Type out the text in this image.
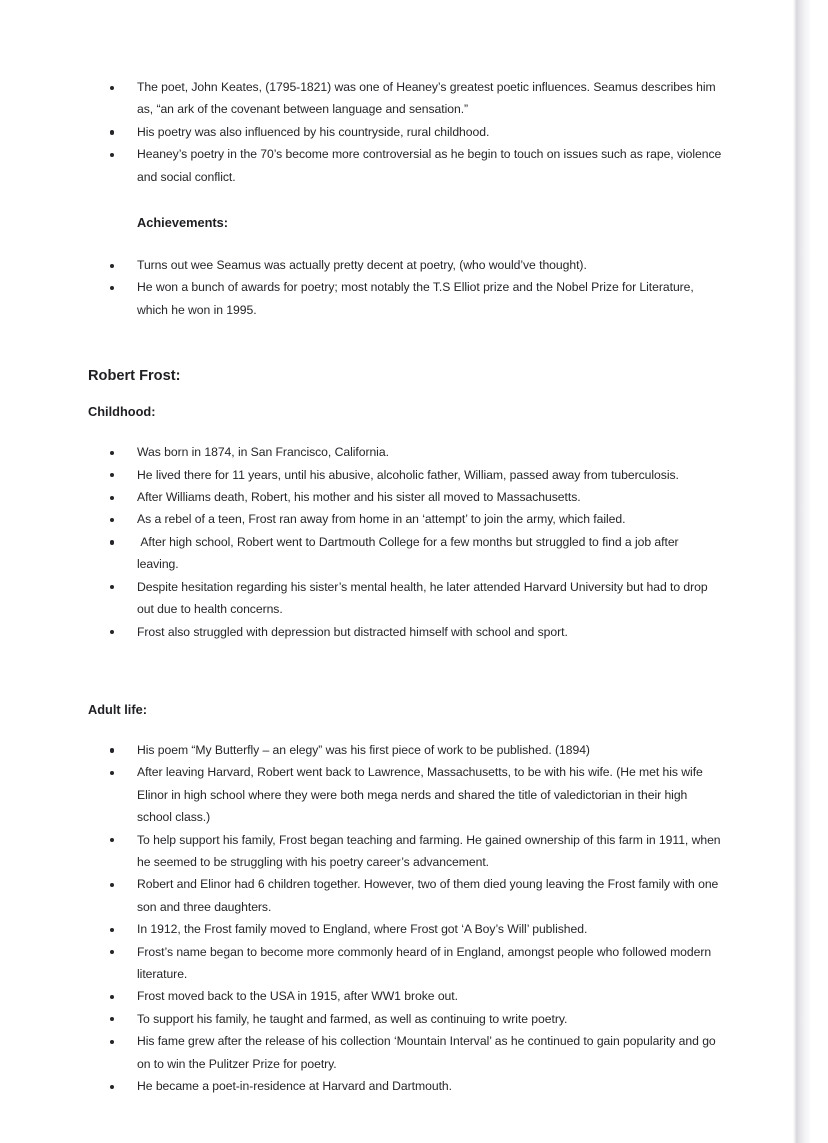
The poet, John Keates, (1795-1821) was one of Heaney’s greatest poetic influences. Seamus describes him as, “an ark of the covenant between language and sensation.”
His poetry was also influenced by his countryside, rural childhood.
Heaney’s poetry in the 70’s become more controversial as he begin to touch on issues such as rape, violence and social conflict.
Achievements:
Turns out wee Seamus was actually pretty decent at poetry, (who would’ve thought).
He won a bunch of awards for poetry; most notably the T.S Elliot prize and the Nobel Prize for Literature, which he won in 1995.
Robert Frost:
Childhood:
Was born in 1874, in San Francisco, California.
He lived there for 11 years, until his abusive, alcoholic father, William, passed away from tuberculosis.
After Williams death, Robert, his mother and his sister all moved to Massachusetts.
As a rebel of a teen, Frost ran away from home in an ‘attempt’ to join the army, which failed.
After high school, Robert went to Dartmouth College for a few months but struggled to find a job after leaving.
Despite hesitation regarding his sister’s mental health, he later attended Harvard University but had to drop out due to health concerns.
Frost also struggled with depression but distracted himself with school and sport.
Adult life:
His poem “My Butterfly – an elegy” was his first piece of work to be published. (1894)
After leaving Harvard, Robert went back to Lawrence, Massachusetts, to be with his wife. (He met his wife Elinor in high school where they were both mega nerds and shared the title of valedictorian in their high school class.)
To help support his family, Frost began teaching and farming. He gained ownership of this farm in 1911, when he seemed to be struggling with his poetry career’s advancement.
Robert and Elinor had 6 children together. However, two of them died young leaving the Frost family with one son and three daughters.
In 1912, the Frost family moved to England, where Frost got ‘A Boy’s Will’ published.
Frost’s name began to become more commonly heard of in England, amongst people who followed modern literature.
Frost moved back to the USA in 1915, after WW1 broke out.
To support his family, he taught and farmed, as well as continuing to write poetry.
His fame grew after the release of his collection ‘Mountain Interval’ as he continued to gain popularity and go on to win the Pulitzer Prize for poetry.
He became a poet-in-residence at Harvard and Dartmouth.
